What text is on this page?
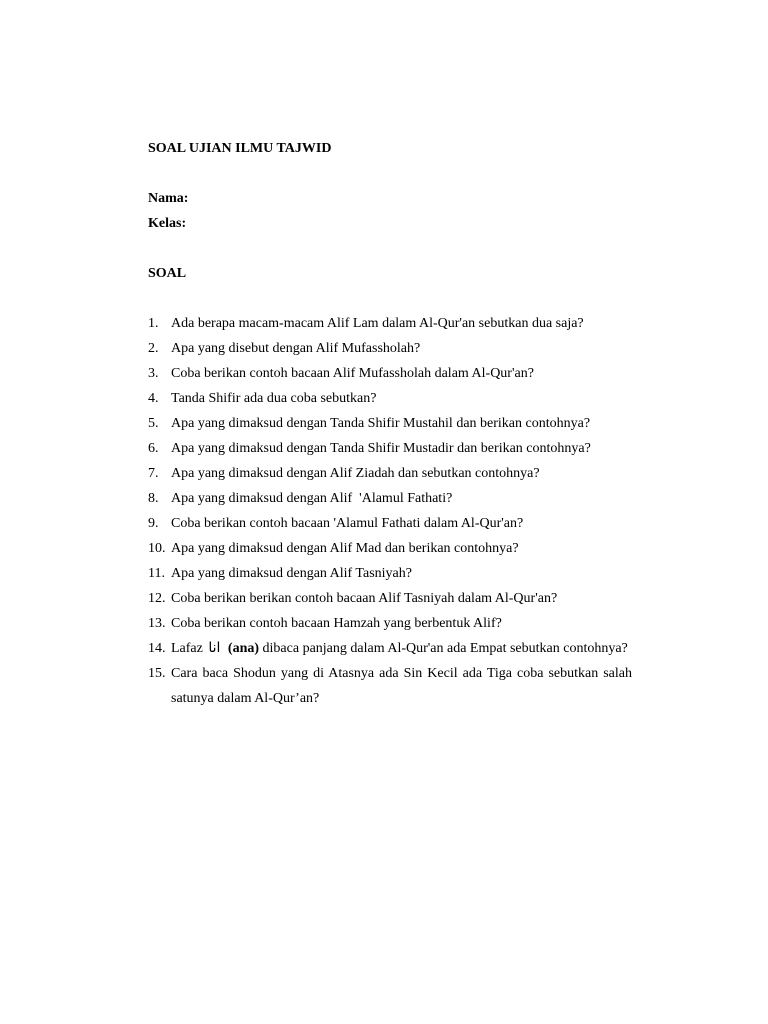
SOAL UJIAN ILMU TAJWID
Nama:
Kelas:
SOAL
1. Ada berapa macam-macam Alif Lam dalam Al-Qur'an sebutkan dua saja?
2. Apa yang disebut dengan Alif Mufassholah?
3. Coba berikan contoh bacaan Alif Mufassholah dalam Al-Qur'an?
4. Tanda Shifir ada dua coba sebutkan?
5. Apa yang dimaksud dengan Tanda Shifir Mustahil dan berikan contohnya?
6. Apa yang dimaksud dengan Tanda Shifir Mustadir dan berikan contohnya?
7. Apa yang dimaksud dengan Alif Ziadah dan sebutkan contohnya?
8. Apa yang dimaksud dengan Alif  'Alamul Fathati?
9. Coba berikan contoh bacaan 'Alamul Fathati dalam Al-Qur'an?
10. Apa yang dimaksud dengan Alif Mad dan berikan contohnya?
11. Apa yang dimaksud dengan Alif Tasniyah?
12. Coba berikan berikan contoh bacaan Alif Tasniyah dalam Al-Qur'an?
13. Coba berikan contoh bacaan Hamzah yang berbentuk Alif?
14. Lafaz انا (ana) dibaca panjang dalam Al-Qur'an ada Empat sebutkan contohnya?
15. Cara baca Shodun yang di Atasnya ada Sin Kecil ada Tiga coba sebutkan salah satunya dalam Al-Qur’an?
